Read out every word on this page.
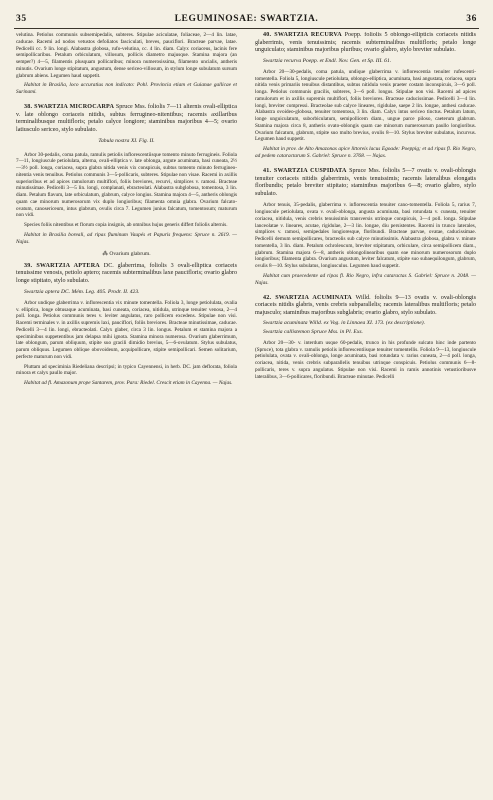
35	LEGUMINOSAE: SWARTZIA.	36

velutina. Petiolus communis subsemipedalis, subteres. Stipulae aciculatae, foliaceae, 2—4 lin. latae, caducae. Racemi ad nodos vetustos defoliatos fasciculati, breves, pauciflori. Bracteae parvae, latae. Pedicelli cc. 9 lin. longi. Alabastra globosa, rufo-velutina, cc. 4 lin. diam. Calyx coriaceus, lacinis fere semipollicaribus. Petalum orbiculatum, villosum, pollicis diametro majusque. Stamina majora (an semper?) 4—5, filamentis plusquam pollicaribus; minora numerosissima, filamento uncialis, antheris minutis. Ovarium longe stipitatum, angustum, dense sericeo-villosum, in stylum longe subulatum sursum glabrum abiens. Legumen haud suppetit.

Habitat in Brasilia, loco accuratius non indicato: Pohl. Provincia etiam et Guianae gallicae et Surinami.

38. SWARTZIA MICROCARPA Spruce Mss. foliolis 7—11 alternis ovali-elliptica v. late oblongo coriaceis nitidis, subtus ferrugineo-nitentibus; racemis axillaribus terminalibusque multifloris; petalo calyce longiore; staminibus majoribus 4—5; ovario latiusculo sericeo, stylo subulato.

Tabula nostra XI. Fig. II.

Arbor 30-pedalis, coma patula, ramulis petiolis inflorescentiisque tomento minuto ferrugineis. Foliola 7—11, longiuscule petiolulata, alterna, ovali-elliptica v. late oblonga, argute acuminata, basi cuneata, 2½—3½ poll. longa, coriacea, supra glabra nitida venis vix conspicuis, subtus tomento minuto ferrugineo-nitentia venis tenuibus. Petiolus communis 3—5-pollicaris, subteres. Stipulae non visae. Racemi in axillis superioribus et ad apices ramulorum multiflori, foliis breviores, recurvi, simplices v. ramosi. Bracteae minutissimae. Pedicelli 3—5 lin. longi, complanati, ebracteolati. Alabastra subglobosa, tomentosa, 3 lin. diam. Petalum flavum, late orbiculatum, glabrum, calyce longius. Stamina majora 4—5, antheris oblongis quam cae minorum numerosorum vix duplo longioribus; filamenta omnia glabra. Ovarium falcato-ovatum, canosericeum, intus glabrum, ovulis circa 7. Legumen junius falcatum, tomentosum; maturum non vidi.

Species foliis nitentibus et florum copia insignis, ab omnibus hujus generis differt foliolis alternis.

Habitat in Brasilia boreali, ad ripas fluminum Vaupés et Papuris frequens: Spruce n. 2619. — Najas.

⁂ Ovarium glabrum.

39. SWARTZIA APTERA DC. glaberrima, foliolis 3 ovali-elliptica coriaceis tenuissime venosis, petiolo aptero; racemis subterminalibus laxe paucifloris; ovario glabro longe stipitato, stylo subulato.

Swartzia aptera DC. Mém. Leg. 405. Prodr. II. 423.

Arbor undique glaberrima v. inflorescentia vix minute tomentella. Foliola 3, longe petiolulata, ovalia v. elliptica, longe obtusaque acuminata, basi cuneata, coriacea, nitidula, utrinque tenuiter venosa, 2—4 poll. longa. Petiolus communis teres v. leviter angulatus, raro pollicem excedens. Stipulae non visi. Racemi terminales v. in axillis supremis laxi, pauciflori, foliis breviores. Bracteae minutissimae, caducae. Pedicelli 3—4 lin. longi, ebracteolati. Calyx glaber, circa 3 lin. longus. Petalum et stamina majora a speciminibus suppetentibus jam delapsa mihi ignota. Stamina minora numerosa. Ovarium glaberrimum, late oblongum, parum obliquum, stipite suo gracili dimidio brevius, 5—6-ovulatum. Stylus subulatus, parum obliquus. Legumen oblique obovoideum, acquipollicare, stipite semipollicari. Semen solitarium, perfecte maturum non vidi.

Pluttam ad speciminia Riedeliana descripsi; in typico Cayennensi, in herb. DC. jam deflorata, foliola minora et calyx paullo major.

Habitat ad fl. Amazonum prope Santarem, prov. Para: Riedel. Crescit etiam in Cayenna. — Najas.

40. SWARTZIA RECURVA Poepp. foliolis 5 oblongo-ellipticis coriaceis nitidis glaberrimis, venis tenuissimis; racemis subterminalibus multifloris; petalo longe unguiculato; staminibus majoribus pluribus; ovario glabro, stylo breviter subulato.

Swartzia recurva Poepp. et Endl. Nov. Gen. et Sp. III. 61.

Arbor 20—30-pedalis, coma patula, undique glaberrima v. inflorescentia tenuiter rufescenti-tomentella. Foliola 5, longiuscule petiolulata, oblongo-elliptica, acuminata, basi angustata, coriacea, supra nitida venis primariis tenuibus distantibus, subtus nitidula venis praeter costam inconspicuis, 3—6 poll. longa. Petiolus communis gracilis, subteres, 3—6 poll. longus. Stipulae non visi. Racemi ad apices ramulorum et in axillis supremis multiflori, foliis breviores. Bracteae caducissimae. Pedicelli 3—4 lin. longi, breviter compressi. Bracteolae sub calyce lineares, rigidulae, saepe 2 lin. longae, anthesi caducae. Alabastra ovoideo-globosa, tenuiter tomentosa, 3 lin. diam. Calyx intus sericeo tinctus. Petalum latum, longe unguiculatum, suborbiculatum, semipollicem diam., ungue parce piloso, caeterum glabrum. Stamina majora circa 8, antheris ovato-oblongis quam cae minorum numerosorum paullo longioribus. Ovarium falcatum, glabrum, stipite suo multo brevius, ovulis 8—10. Stylus breviter subulatus, incurvus. Legumen haud suppetit.

Habitat in prov. de Alto Amazonas apice littoreis lacus Egoade: Poeppig; et ad ripas fl. Rio Negro, ad pedem cataractarum S. Gabriel: Spruce n. 3768. — Najas.

41. SWARTZIA CUSPIDATA Spruce Mss. foliolis 5—7 ovatis v. ovali-oblongis tenuiter coriaceis nitidis glaberrimis, venis tenuissimis; racemis lateralibus elongatis floribundis; petalo breviter stipitato; staminibus majoribus 6—8; ovario glabro, stylo subulato.

Arbor tenuis, 35-pedalis, glaberrima v. inflorescentia tenuiter cano-tomentella. Foliola 5, rarius 7, longiuscule petiolulata, ovata v. ovali-oblonga, angusta acuminata, basi rotundata v. cuneata, tenuiter coriacea, nitidula, venis crebris tenuissimis transversis utrinque conspicuis, 3—4 poll. longa. Stipulae lanceolatae v. lineares, acutae, rigidulae, 2—3 lin. longae, diu persistentes. Racemi in trunco laterales, simplices v. ramosi, semipedales longioresque, floribundi. Bracteae parvae, ovatae, caducissimae. Pedicelli demum semipollicares, bracteolis sub calyce minutissimis. Alabastra globosa, glabra v. minute tomentella, 3 lin. diam. Petalum ochroleucum, breviter stipitatum, orbiculare, circa semipollicem diam., glabrum. Stamina majora 6—8, antheris oblongolinearibus quam eae minorum numerosorum duplo longioribus; filamenta glabra. Ovarium angustum, leviter falcatum, stipite suo subaequilongum, glabrum, ovulis 8—10. Stylus subulatus, longiusculus. Legumen haud suppetit.

Habitat cum praecedente ad ripas fl. Rio Negro, infra cataractas S. Gabriel: Spruce n. 2048. — Najas.

42. SWARTZIA ACUMINATA Willd. foliolis 9—13 ovatis v. ovali-oblongis coriaceis nitidis glabris, venis crebris subparallelis; racemis lateralibus multifloris; petalo majusculo; staminibus majoribus subglabris; ovario glabro, stylo subulato.

Swartzia acuminata Willd. ex Vog. in Linnaea XI. 173. (ex descriptione).

Swartzia callistemon Spruce Mss. in Pl. Exs.

Arbor 20—30- v. interdum usque 60-pedalis, trunco in his profunde sulcato hinc inde partento (Spruce), tota glabra v. ramulis petiolis inflorescentiisque tenuiter tomentellis. Foliola 9—13, longiuscule petiolulata, ovata v. ovali-oblonga, longe acuminata, basi rotundata v. rarius cuneata, 2—4 poll. longa, coriacea, nitida, venis crebris subparallelis tenuibus utrinque conspicuis. Petiolus communis 6—8-pollicaris, teres v. supra angulatus. Stipulae non visi. Racemi in ramis annotinis vetustioribusve lateralibus, 3—6-pollicares, floribundi. Bracteae minutae. Pedicelli
